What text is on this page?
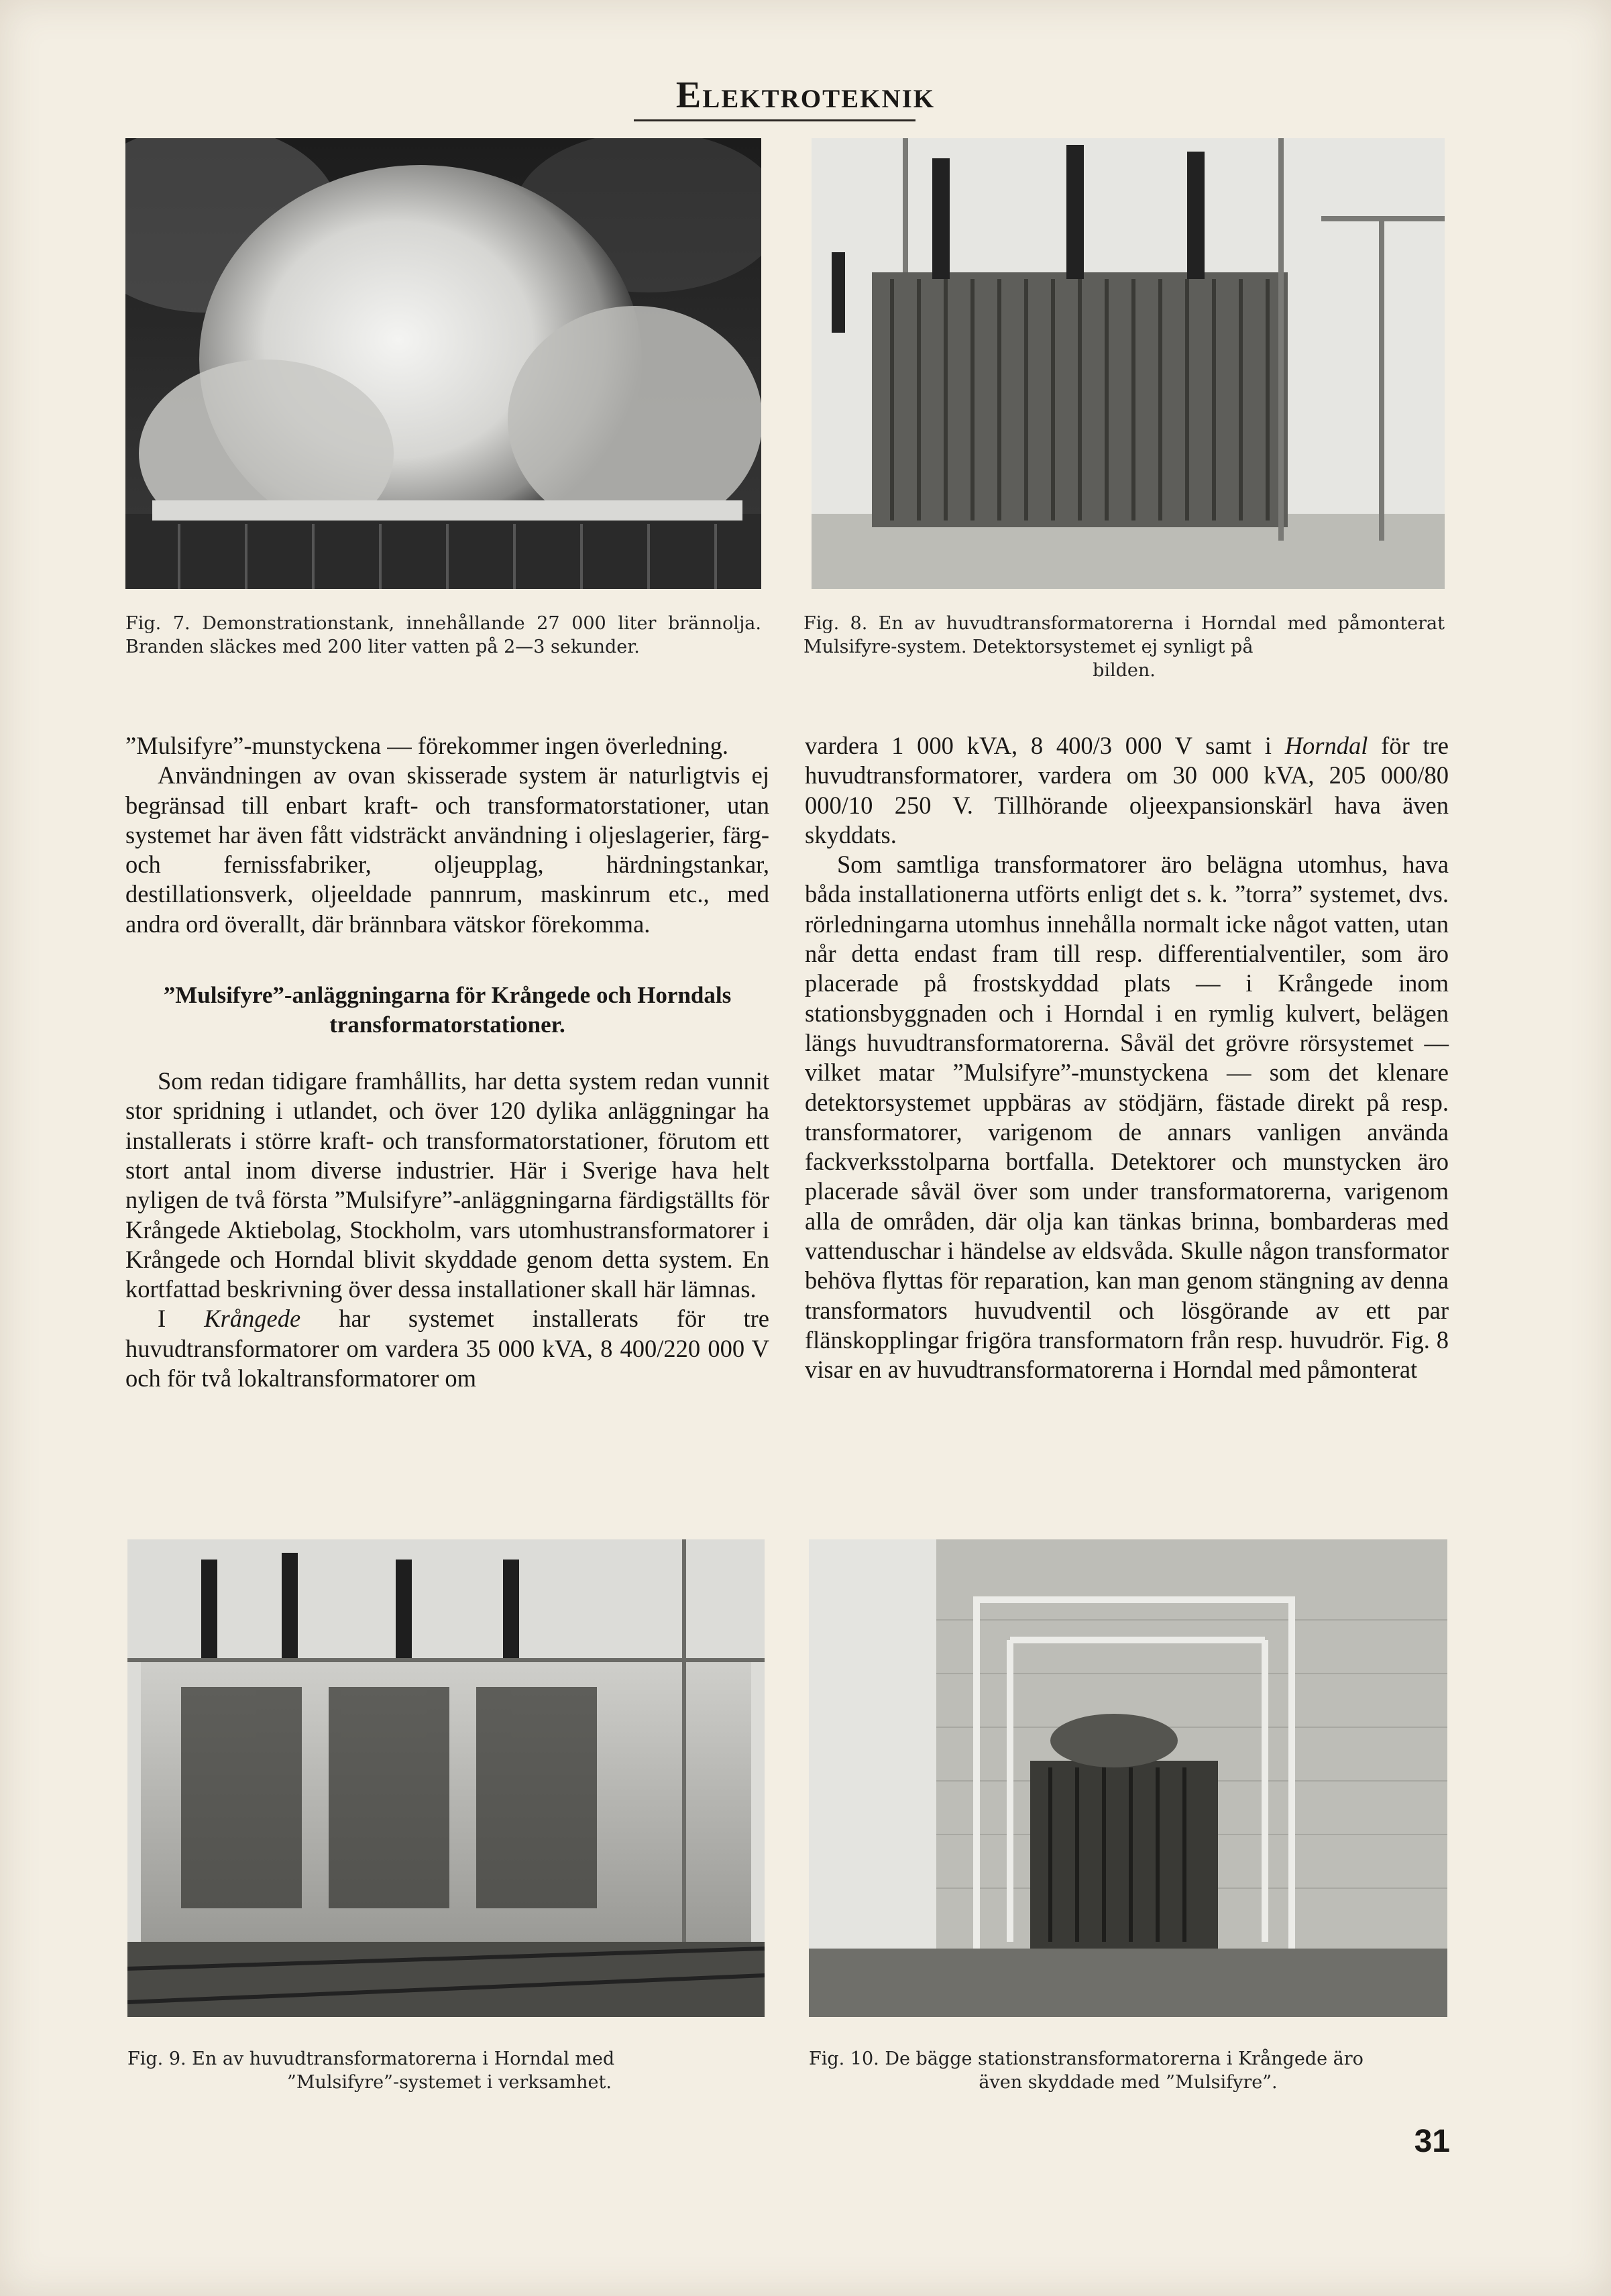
Elektroteknik
Fig. 7. Demonstrationstank, innehållande 27 000 liter brännolja. Branden släckes med 200 liter vatten på 2—3 sekunder.
Fig. 8. En av huvudtransformatorerna i Horndal med påmonterat Mulsifyre-system. Detektorsystemet ej synligt på
bilden.

”Mulsifyre”-munstyckena — förekommer ingen överledning.

Användningen av ovan skisserade system är naturligtvis ej begränsad till enbart kraft- och transformatorstationer, utan systemet har även fått vidsträckt användning i oljeslagerier, färg- och fernissfabriker, oljeupplag, härdningstankar, destillationsverk, oljeeldade pannrum, maskinrum etc., med andra ord överallt, där brännbara vätskor förekomma.

”Mulsifyre”-anläggningarna för Krångede och Horndals transformatorstationer.

Som redan tidigare framhållits, har detta system redan vunnit stor spridning i utlandet, och över 120 dylika anläggningar ha installerats i större kraft- och transformatorstationer, förutom ett stort antal inom diverse industrier. Här i Sverige hava helt nyligen de två första ”Mulsifyre”-anläggningarna färdigställts för Krångede Aktiebolag, Stockholm, vars utomhustransformatorer i Krångede och Horndal blivit skyddade genom detta system. En kortfattad beskrivning över dessa installationer skall här lämnas.

I Krångede har systemet installerats för tre huvudtransformatorer om vardera 35 000 kVA, 8 400/220 000 V och för två lokaltransformatorer om

vardera 1 000 kVA, 8 400/3 000 V samt i Horndal för tre huvudtransformatorer, vardera om 30 000 kVA, 205 000/80 000/10 250 V. Tillhörande oljeexpansionskärl hava även skyddats.

Som samtliga transformatorer äro belägna utomhus, hava båda installationerna utförts enligt det s. k. ”torra” systemet, dvs. rörledningarna utomhus innehålla normalt icke något vatten, utan når detta endast fram till resp. differentialventiler, som äro placerade på frostskyddad plats — i Krångede inom stationsbyggnaden och i Horndal i en rymlig kulvert, belägen längs huvudtransformatorerna. Såväl det grövre rörsystemet — vilket matar ”Mulsifyre”-munstyckena — som det klenare detektorsystemet uppbäras av stödjärn, fästade direkt på resp. transformatorer, varigenom de annars vanligen använda fackverksstolparna bortfalla. Detektorer och munstycken äro placerade såväl över som under transformatorerna, varigenom alla de områden, där olja kan tänkas brinna, bombarderas med vattenduschar i händelse av eldsvåda. Skulle någon transformator behöva flyttas för reparation, kan man genom stängning av denna transformators huvudventil och lösgörande av ett par flänskopplingar frigöra transformatorn från resp. huvudrör. Fig. 8 visar en av huvudtransformatorerna i Horndal med påmonterat

Fig. 9. En av huvudtransformatorerna i Horndal med
”Mulsifyre”-systemet i verksamhet.
Fig. 10. De bägge stationstransformatorerna i Krångede äro
även skyddade med ”Mulsifyre”.
31
